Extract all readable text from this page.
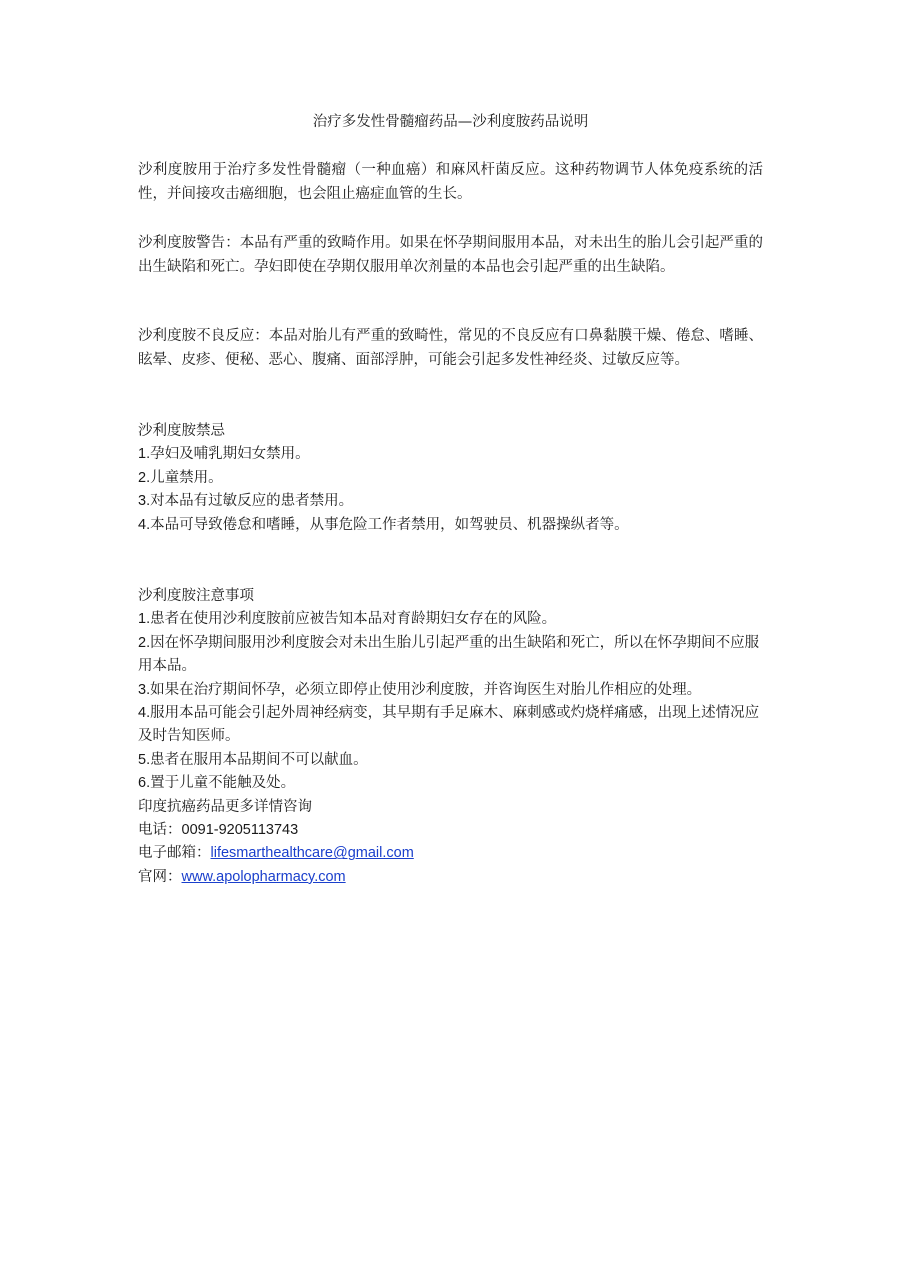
治疗多发性骨髓瘤药品—沙利度胺药品说明

沙利度胺用于治疗多发性骨髓瘤（一种血癌）和麻风杆菌反应。这种药物调节人体免疫系统的活性，并间接攻击癌细胞，也会阻止癌症血管的生长。

沙利度胺警告：本品有严重的致畸作用。如果在怀孕期间服用本品，对未出生的胎儿会引起严重的出生缺陷和死亡。孕妇即使在孕期仅服用单次剂量的本品也会引起严重的出生缺陷。

沙利度胺不良反应：本品对胎儿有严重的致畸性，常见的不良反应有口鼻黏膜干燥、倦怠、嗜睡、眩晕、皮疹、便秘、恶心、腹痛、面部浮肿，可能会引起多发性神经炎、过敏反应等。

沙利度胺禁忌
1.孕妇及哺乳期妇女禁用。
2.儿童禁用。
3.对本品有过敏反应的患者禁用。
4.本品可导致倦怠和嗜睡，从事危险工作者禁用，如驾驶员、机器操纵者等。
沙利度胺注意事项
1.患者在使用沙利度胺前应被告知本品对育龄期妇女存在的风险。
2.因在怀孕期间服用沙利度胺会对未出生胎儿引起严重的出生缺陷和死亡，所以在怀孕期间不应服用本品。
3.如果在治疗期间怀孕，必须立即停止使用沙利度胺，并咨询医生对胎儿作相应的处理。
4.服用本品可能会引起外周神经病变，其早期有手足麻木、麻刺感或灼烧样痛感，出现上述情况应及时告知医师。
5.患者在服用本品期间不可以献血。
6.置于儿童不能触及处。
印度抗癌药品更多详情咨询
电话：0091-9205113743
电子邮箱：lifesmarthealthcare@gmail.com
官网：www.apolopharmacy.com
